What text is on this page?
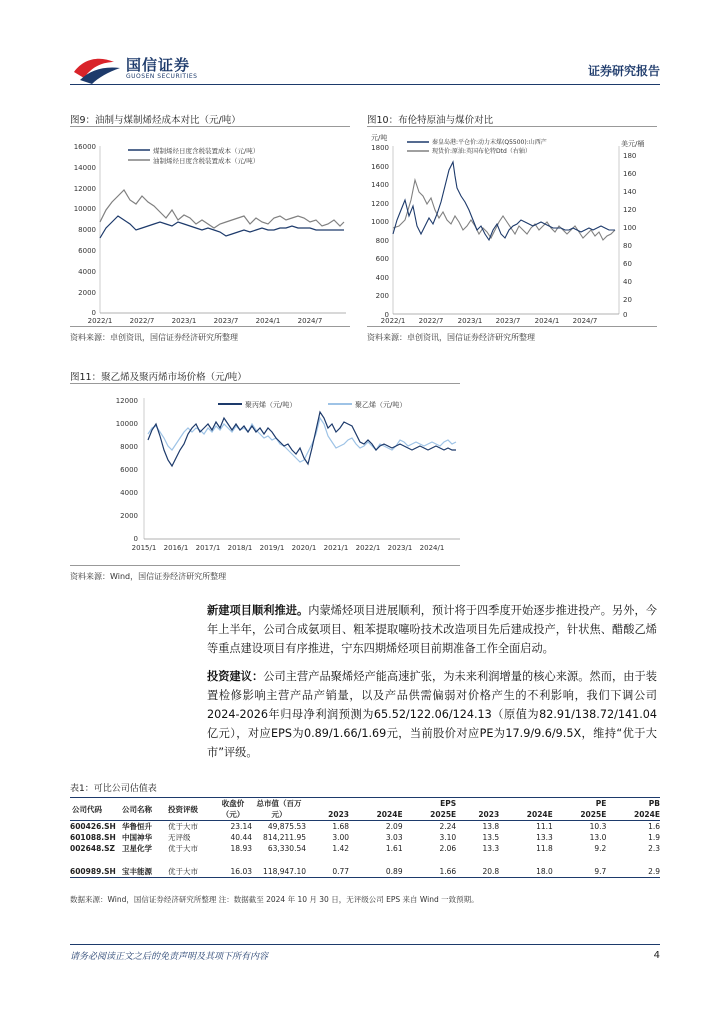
国信证券
GUOSEN SECURITIES	证券研究报告
图9：油制与煤制烯烃成本对比（元/吨）
16000
14000
12000
10000
8000
6000
4000
2000
0
2022/1 2022/7 2023/1 2023/7 2024/1 2024/7
煤制烯烃日度含税装置成本（元/吨）
油制烯烃日度含税装置成本（元/吨）
资料来源：卓创资讯，国信证券经济研究所整理
图10：布伦特原油与煤价对比
元/吨
美元/桶
1800
1600
1400
1200
1000
800
600
400
200
0
180
160
140
120
100
80
60
40
20
0
2022/1 2022/7 2023/1 2023/7 2024/1 2024/7
秦皇岛港:平仓价:动力末煤(Q5500):山西产
现货价:原油:英国布伦特Dtd（右轴）
资料来源：卓创资讯，国信证券经济研究所整理
图11：聚乙烯及聚丙烯市场价格（元/吨）
12000
10000
8000
6000
4000
2000
0
2015/1 2016/1 2017/1 2018/1 2019/1 2020/1 2021/1 2022/1 2023/1 2024/1
聚丙烯（元/吨）	聚乙烯（元/吨）
资料来源：Wind，国信证券经济研究所整理
新建项目顺利推进。内蒙烯烃项目进展顺利，预计将于四季度开始逐步推进投产。另外，今年上半年，公司合成氨项目、粗苯提取噻吩技术改造项目先后建成投产，针状焦、醋酸乙烯等重点建设项目有序推进，宁东四期烯烃项目前期准备工作全面启动。
投资建议：公司主营产品聚烯烃产能高速扩张，为未来利润增量的核心来源。然而，由于装置检修影响主营产品产销量，以及产品供需偏弱对价格产生的不利影响，我们下调公司2024-2026年归母净利润预测为65.52/122.06/124.13（原值为82.91/138.72/141.04亿元），对应EPS为0.89/1.66/1.69元，当前股价对应PE为17.9/9.6/9.5X，维持“优于大市”评级。
表1：可比公司估值表
公司代码	公司名称	投资评级	收盘价（元）	总市值（百万元）	EPS			PE			PB
					2023	2024E	2025E	2023	2024E	2025E	2024E
600426.SH	华鲁恒升	优于大市	23.14	49,875.53	1.68	2.09	2.24	13.8	11.1	10.3	1.6
601088.SH	中国神华	无评级	40.44	814,211.95	3.00	3.03	3.10	13.5	13.3	13.0	1.9
002648.SZ	卫星化学	优于大市	18.93	63,330.54	1.42	1.61	2.06	13.3	11.8	9.2	2.3

600989.SH	宝丰能源	优于大市	16.03	118,947.10	0.77	0.89	1.66	20.8	18.0	9.7	2.9
数据来源：Wind，国信证券经济研究所整理 注：数据截至 2024 年 10 月 30 日，无评级公司 EPS 来自 Wind 一致预期。
请务必阅读正文之后的免责声明及其项下所有内容	4
